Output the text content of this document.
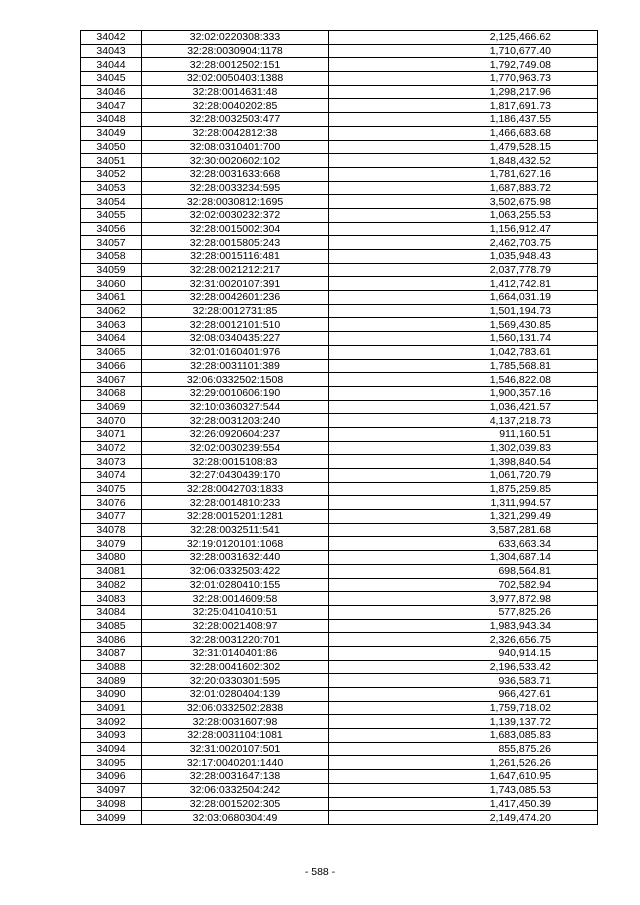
34042	32:02:0220308:333	2,125,466.62
34043	32:28:0030904:1178	1,710,677.40
34044	32:28:0012502:151	1,792,749.08
34045	32:02:0050403:1388	1,770,963.73
34046	32:28:0014631:48	1,298,217.96
34047	32:28:0040202:85	1,817,691.73
34048	32:28:0032503:477	1,186,437.55
34049	32:28:0042812:38	1,466,683.68
34050	32:08:0310401:700	1,479,528.15
34051	32:30:0020602:102	1,848,432.52
34052	32:28:0031633:668	1,781,627.16
34053	32:28:0033234:595	1,687,883.72
34054	32:28:0030812:1695	3,502,675.98
34055	32:02:0030232:372	1,063,255.53
34056	32:28:0015002:304	1,156,912.47
34057	32:28:0015805:243	2,462,703.75
34058	32:28:0015116:481	1,035,948.43
34059	32:28:0021212:217	2,037,778.79
34060	32:31:0020107:391	1,412,742.81
34061	32:28:0042601:236	1,664,031.19
34062	32:28:0012731:85	1,501,194.73
34063	32:28:0012101:510	1,569,430.85
34064	32:08:0340435:227	1,560,131.74
34065	32:01:0160401:976	1,042,783.61
34066	32:28:0031101:389	1,785,568.81
34067	32:06:0332502:1508	1,546,822.08
34068	32:29:0010606:190	1,900,357.16
34069	32:10:0360327:544	1,036,421.57
34070	32:28:0031203:240	4,137,218.73
34071	32:26:0920604:237	911,160.51
34072	32:02:0030239:554	1,302,039.83
34073	32:28:0015108:83	1,398,840.54
34074	32:27:0430439:170	1,061,720.79
34075	32:28:0042703:1833	1,875,259.85
34076	32:28:0014810:233	1,311,994.57
34077	32:28:0015201:1281	1,321,299.49
34078	32:28:0032511:541	3,587,281.68
34079	32:19:0120101:1068	633,663.34
34080	32:28:0031632:440	1,304,687.14
34081	32:06:0332503:422	698,564.81
34082	32:01:0280410:155	702,582.94
34083	32:28:0014609:58	3,977,872.98
34084	32:25:0410410:51	577,825.26
34085	32:28:0021408:97	1,983,943.34
34086	32:28:0031220:701	2,326,656.75
34087	32:31:0140401:86	940,914.15
34088	32:28:0041602:302	2,196,533.42
34089	32:20:0330301:595	936,583.71
34090	32:01:0280404:139	966,427.61
34091	32:06:0332502:2838	1,759,718.02
34092	32:28:0031607:98	1,139,137.72
34093	32:28:0031104:1081	1,683,085.83
34094	32:31:0020107:501	855,875.26
34095	32:17:0040201:1440	1,261,526.26
34096	32:28:0031647:138	1,647,610.95
34097	32:06:0332504:242	1,743,085.53
34098	32:28:0015202:305	1,417,450.39
34099	32:03:0680304:49	2,149,474.20
- 588 -
